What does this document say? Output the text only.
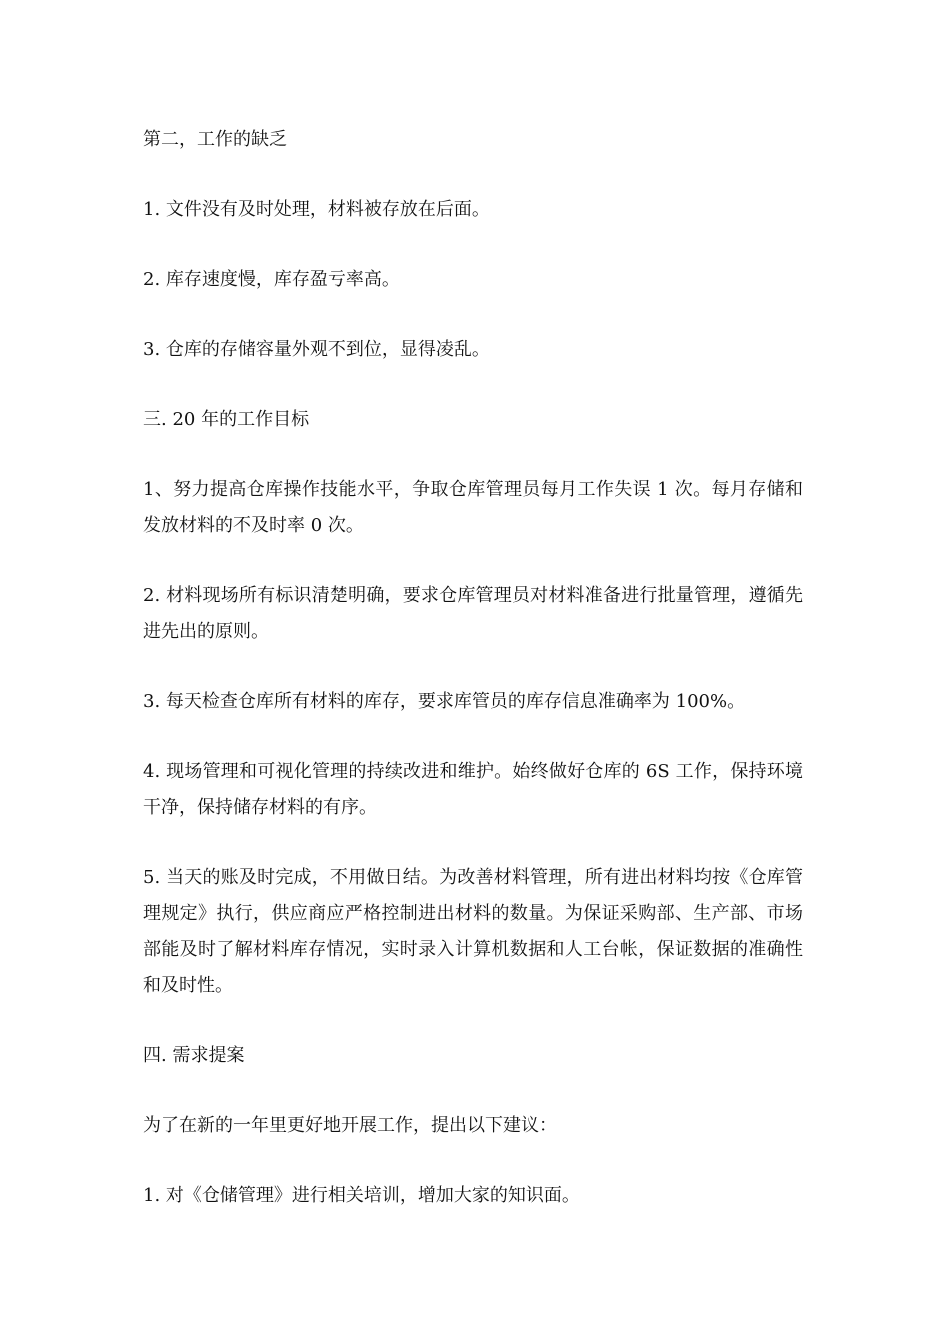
第二，工作的缺乏

1. 文件没有及时处理，材料被存放在后面。

2. 库存速度慢，库存盈亏率高。

3. 仓库的存储容量外观不到位，显得凌乱。

三. 20 年的工作目标

1、努力提高仓库操作技能水平，争取仓库管理员每月工作失误 1 次。每月存储和发放材料的不及时率 0 次。

2. 材料现场所有标识清楚明确，要求仓库管理员对材料准备进行批量管理，遵循先进先出的原则。

3. 每天检查仓库所有材料的库存，要求库管员的库存信息准确率为 100%。

4. 现场管理和可视化管理的持续改进和维护。始终做好仓库的 6S 工作，保持环境干净，保持储存材料的有序。

5. 当天的账及时完成，不用做日结。为改善材料管理，所有进出材料均按《仓库管理规定》执行，供应商应严格控制进出材料的数量。为保证采购部、生产部、市场部能及时了解材料库存情况，实时录入计算机数据和人工台帐，保证数据的准确性和及时性。

四. 需求提案

为了在新的一年里更好地开展工作，提出以下建议：

1. 对《仓储管理》进行相关培训，增加大家的知识面。
